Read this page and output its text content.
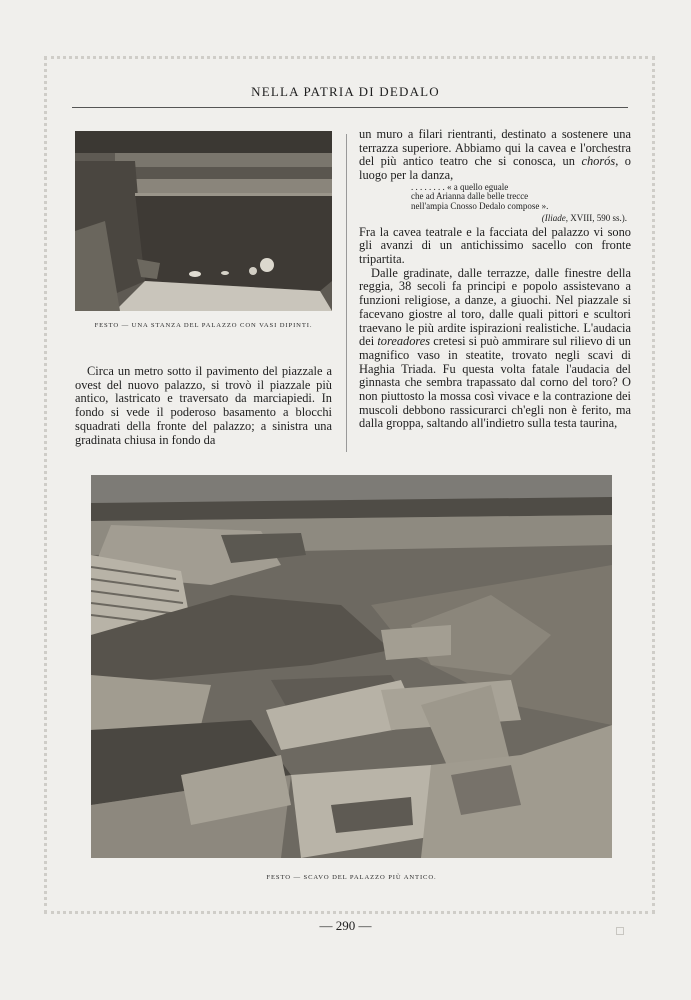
NELLA PATRIA DI DEDALO
FESTO — UNA STANZA DEL PALAZZO CON VASI DIPINTI.

Circa un metro sotto il pavimento del piazzale a ovest del nuovo palazzo, si trovò il piazzale più antico, lastricato e traversato da marciapiedi. In fondo si vede il poderoso basamento a blocchi squadrati della fronte del palazzo; a sinistra una gradinata chiusa in fondo da

un muro a filari rientranti, destinato a sostenere una terrazza superiore. Abbiamo qui la cavea e l'orchestra del più antico teatro che si conosca, un chorós, o luogo per la danza,

. . . . . . . . « a quello eguale
che ad Arianna dalle belle trecce
nell'ampia Cnosso Dedalo compose ».
(Iliade, XVIII, 590 ss.).

Fra la cavea teatrale e la facciata del palazzo vi sono gli avanzi di un antichissimo sacello con fronte tripartita.

Dalle gradinate, dalle terrazze, dalle finestre della reggia, 38 secoli fa principi e popolo assistevano a funzioni religiose, a danze, a giuochi. Nel piazzale si facevano giostre al toro, dalle quali pittori e scultori traevano le più ardite ispirazioni realistiche. L'audacia dei toreadores cretesi si può ammirare sul rilievo di un magnifico vaso in steatite, trovato negli scavi di Haghia Triada. Fu questa volta fatale l'audacia del ginnasta che sembra trapassato dal corno del toro? O non piuttosto la mossa così vivace e la contrazione dei muscoli debbono rassicurarci ch'egli non è ferito, ma dalla groppa, saltando all'indietro sulla testa taurina,

FESTO — SCAVO DEL PALAZZO PIÙ ANTICO.
— 290 —
